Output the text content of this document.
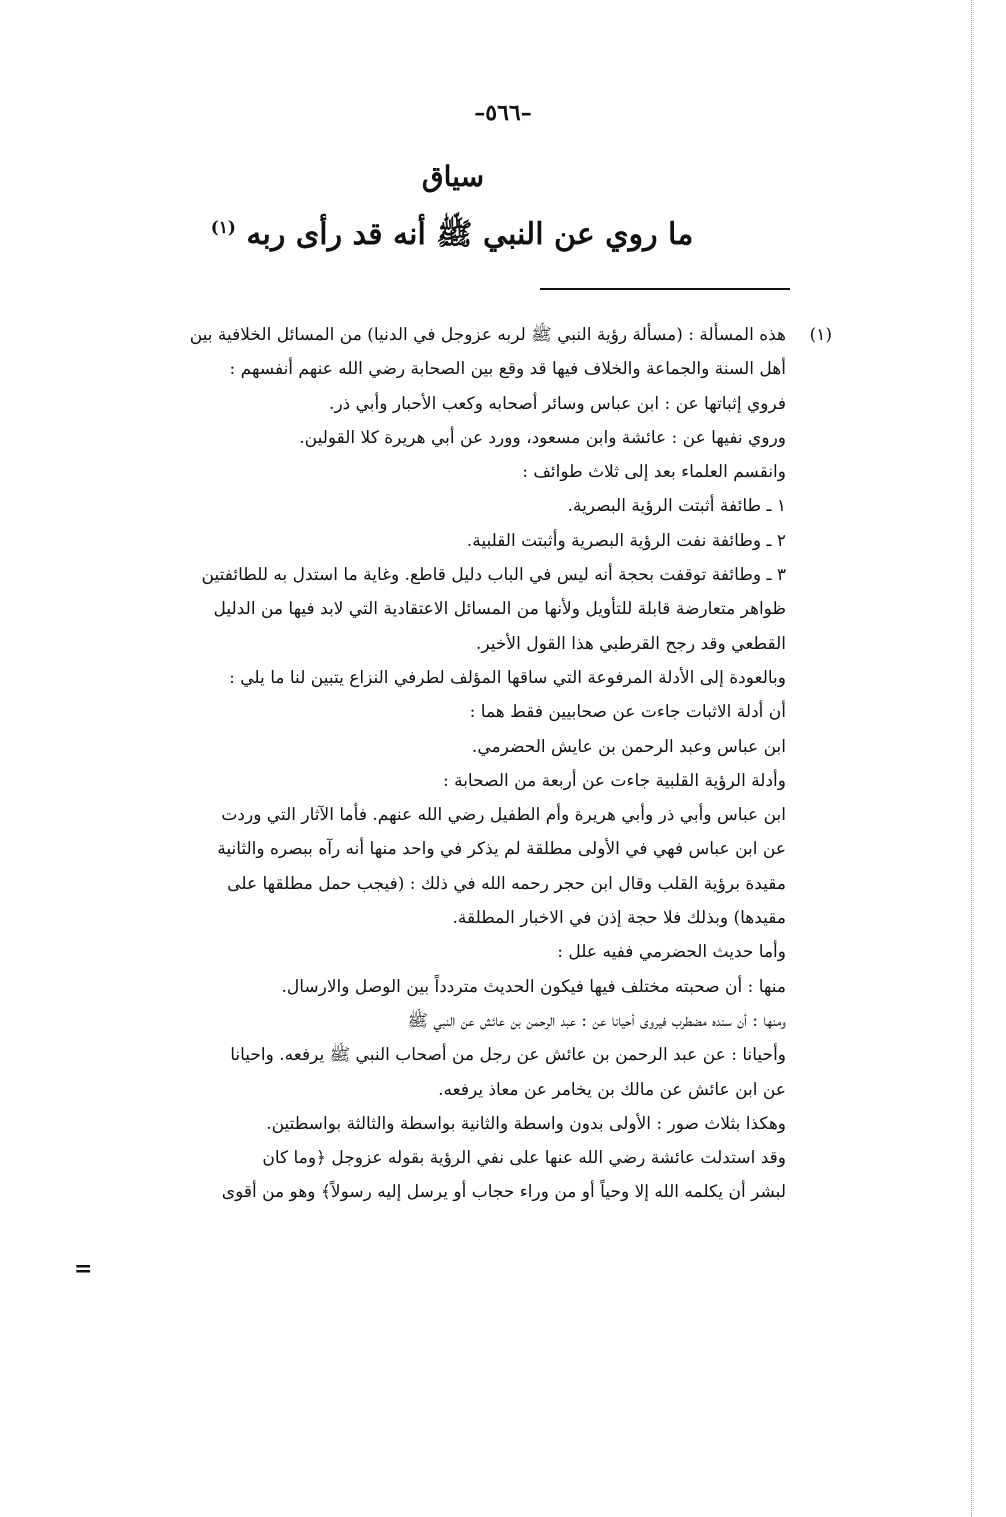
–٥٦٦–
سياق
ما روي عن النبي ﷺ أنه قد رأى ربه $^{(١)}$
(١)
هذه المسألة : (مسألة رؤية النبي ﷺ لربه عزوجل في الدنيا) من المسائل الخلافية بين
أهل السنة والجماعة والخلاف فيها قد وقع بين الصحابة رضي الله عنهم أنفسهم :
فروي إثباتها عن : ابن عباس وسائر أصحابه وكعب الأحبار وأبي ذر.
وروي نفيها عن : عائشة وابن مسعود، وورد عن أبي هريرة كلا القولين.
وانقسم العلماء بعد إلى ثلاث طوائف :
١ ـ طائفة أثبتت الرؤية البصرية.
٢ ـ وطائفة نفت الرؤية البصرية وأثبتت القلبية.
٣ ـ وطائفة توقفت بحجة أنه ليس في الباب دليل قاطع. وغاية ما استدل به للطائفتين
ظواهر متعارضة قابلة للتأويل ولأنها من المسائل الاعتقادية التي لابد فيها من الدليل
القطعي وقد رجح القرطبي هذا القول الأخير.
وبالعودة إلى الأدلة المرفوعة التي ساقها المؤلف لطرفي النزاع يتبين لنا ما يلي :
أن أدلة الاثبات جاءت عن صحابيين فقط هما :
ابن عباس وعبد الرحمن بن عايش الحضرمي.
وأدلة الرؤية القلبية جاءت عن أربعة من الصحابة :
ابن عباس وأبي ذر وأبي هريرة وأم الطفيل رضي الله عنهم. فأما الآثار التي وردت
عن ابن عباس فهي في الأولى مطلقة لم يذكر في واحد منها أنه رآه ببصره والثانية
مقيدة برؤية القلب وقال ابن حجر رحمه الله في ذلك : (فيجب حمل مطلقها على
مقيدها) وبذلك فلا حجة إذن في الاخبار المطلقة.
وأما حديث الحضرمي ففيه علل :
منها : أن صحبته مختلف فيها فيكون الحديث متردداً بين الوصل والارسال.
ومنها : أن سنده مضطرب فيروى أحيانا عن : عبد الرحمن بن عائش عن النبي ﷺ
وأحيانا : عن عبد الرحمن بن عائش عن رجل من أصحاب النبي ﷺ يرفعه. واحيانا
عن ابن عائش عن مالك بن يخامر عن معاذ يرفعه.
وهكذا بثلاث صور : الأولى بدون واسطة والثانية بواسطة والثالثة بواسطتين.
وقد استدلت عائشة رضي الله عنها على نفي الرؤية بقوله عزوجل ﴿وما كان
لبشر أن يكلمه الله إلا وحياً أو من وراء حجاب أو يرسل إليه رسولاً﴾ وهو من أقوى
=
